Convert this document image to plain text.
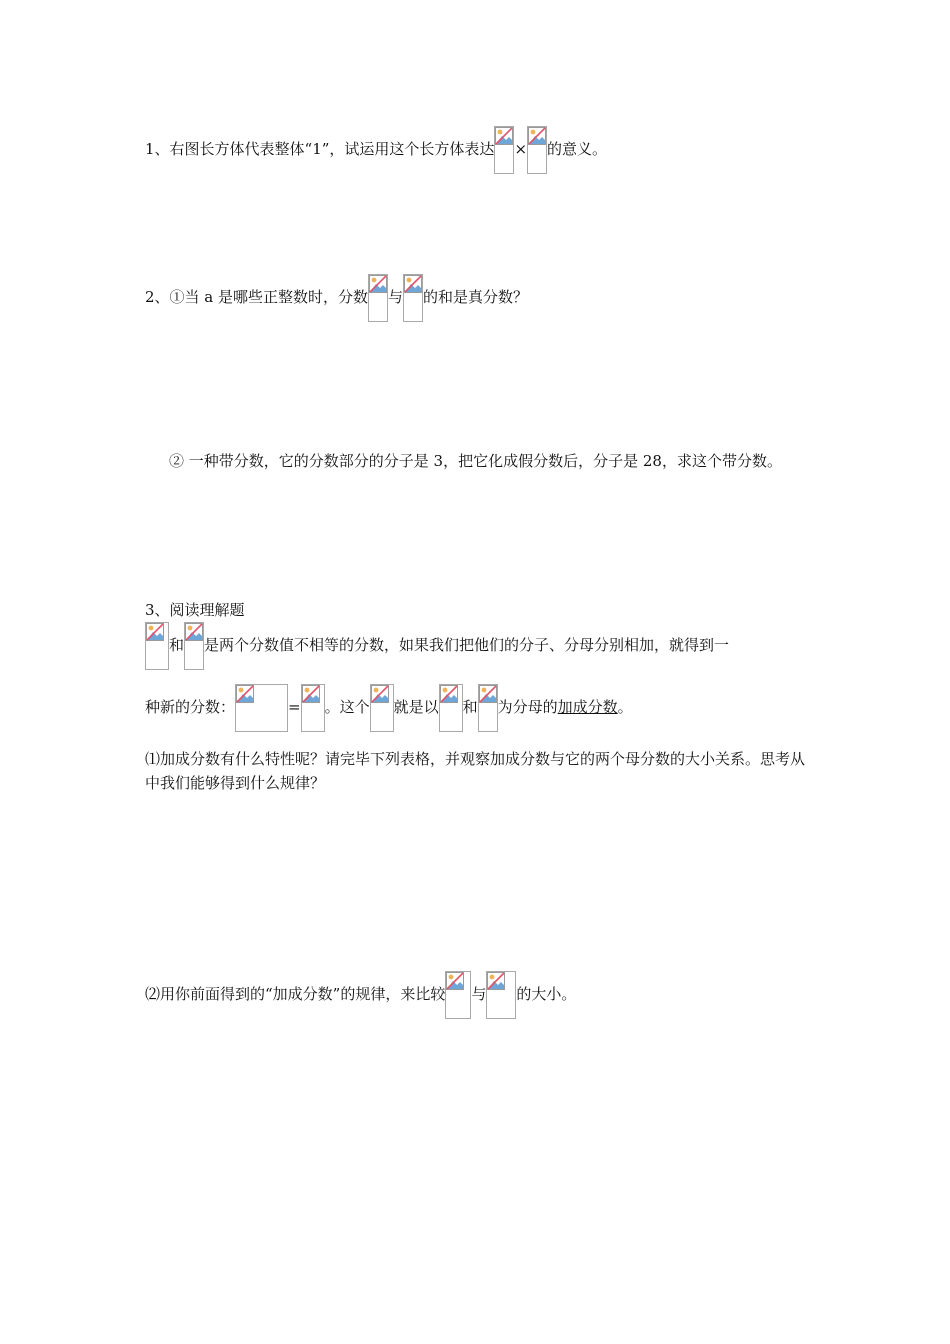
1、右图长方体代表整体“1”，试运用这个长方体表达 × 的意义。
2、①当 a 是哪些正整数时，分数 与 的和是真分数？
② 一种带分数，它的分数部分的分子是 3，把它化成假分数后，分子是 28，求这个带分数。
3、阅读理解题
和 是两个分数值不相等的分数，如果我们把他们的分子、分母分别相加，就得到一
种新的分数：	= 。这个 就是以 和 为分母的加成分数。
⑴加成分数有什么特性呢？请完毕下列表格，并观察加成分数与它的两个母分数的大小关系。思考从中我们能够得到什么规律？
⑵用你前面得到的“加成分数”的规律，来比较 与 的大小。
